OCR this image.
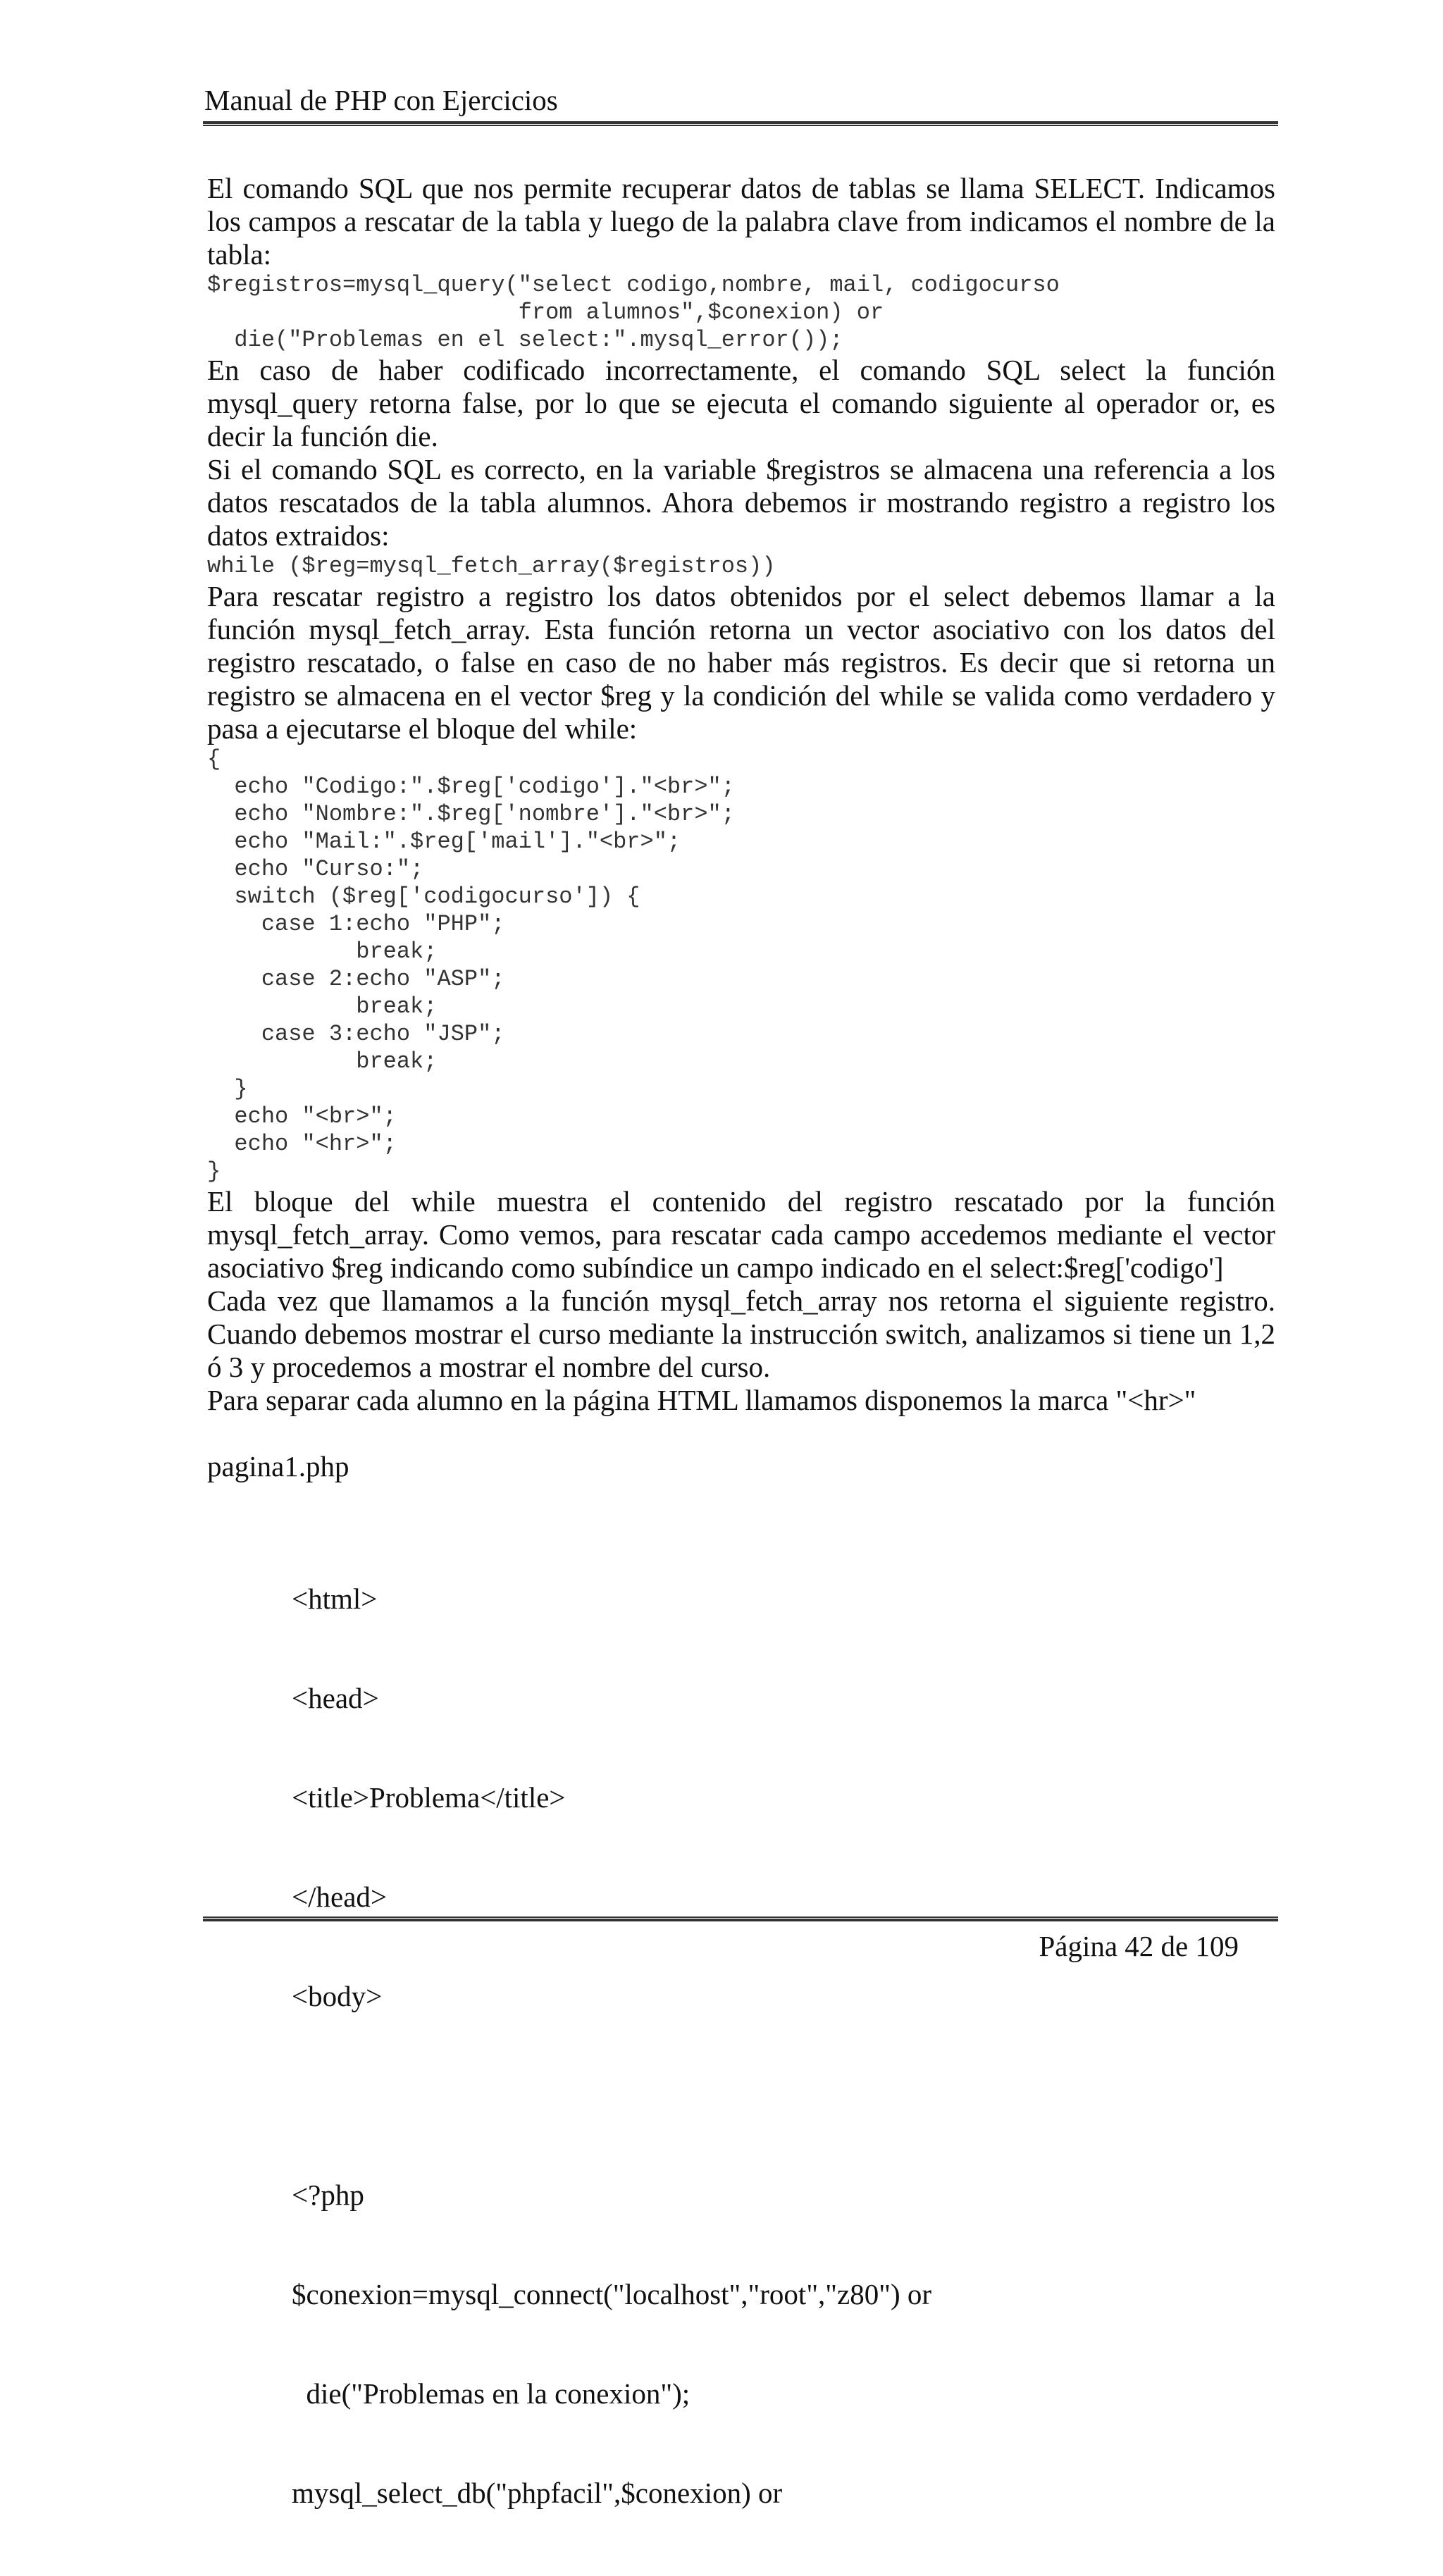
Manual de PHP con Ejercicios

El comando SQL que nos permite recuperar datos de tablas se llama SELECT. Indicamos los campos a rescatar de la tabla y luego de la palabra clave from indicamos el nombre de la tabla:

$registros=mysql_query("select codigo,nombre, mail, codigocurso
from alumnos",$conexion) or
die("Problemas en el select:".mysql_error());

En caso de haber codificado incorrectamente, el comando SQL select la función mysql_query retorna false, por lo que se ejecuta el comando siguiente al operador or, es decir la función die.

Si el comando SQL es correcto, en la variable $registros se almacena una referencia a los datos rescatados de la tabla alumnos. Ahora debemos ir mostrando registro a registro los datos extraidos:

while ($reg=mysql_fetch_array($registros))

Para rescatar registro a registro los datos obtenidos por el select debemos llamar a la función mysql_fetch_array. Esta función retorna un vector asociativo con los datos del registro rescatado, o false en caso de no haber más registros. Es decir que si retorna un registro se almacena en el vector $reg y la condición del while se valida como verdadero y pasa a ejecutarse el bloque del while:

{
echo "Codigo:".$reg['codigo']."<br>";
echo "Nombre:".$reg['nombre']."<br>";
echo "Mail:".$reg['mail']."<br>";
echo "Curso:";
switch ($reg['codigocurso']) {
case 1:echo "PHP";
break;
case 2:echo "ASP";
break;
case 3:echo "JSP";
break;
}
echo "<br>";
echo "<hr>";
}

El bloque del while muestra el contenido del registro rescatado por la función mysql_fetch_array. Como vemos, para rescatar cada campo accedemos mediante el vector asociativo $reg indicando como subíndice un campo indicado en el select:$reg['codigo']

Cada vez que llamamos a la función mysql_fetch_array nos retorna el siguiente registro. Cuando debemos mostrar el curso mediante la instrucción switch, analizamos si tiene un 1,2 ó 3 y procedemos a mostrar el nombre del curso.

Para separar cada alumno en la página HTML llamamos disponemos la marca "<hr>"

pagina1.php

<html>

<head>

<title>Problema</title>

</head>

<body>

<?php

$conexion=mysql_connect("localhost","root","z80") or

die("Problemas en la conexion");

mysql_select_db("phpfacil",$conexion) or

Página 42 de 109
